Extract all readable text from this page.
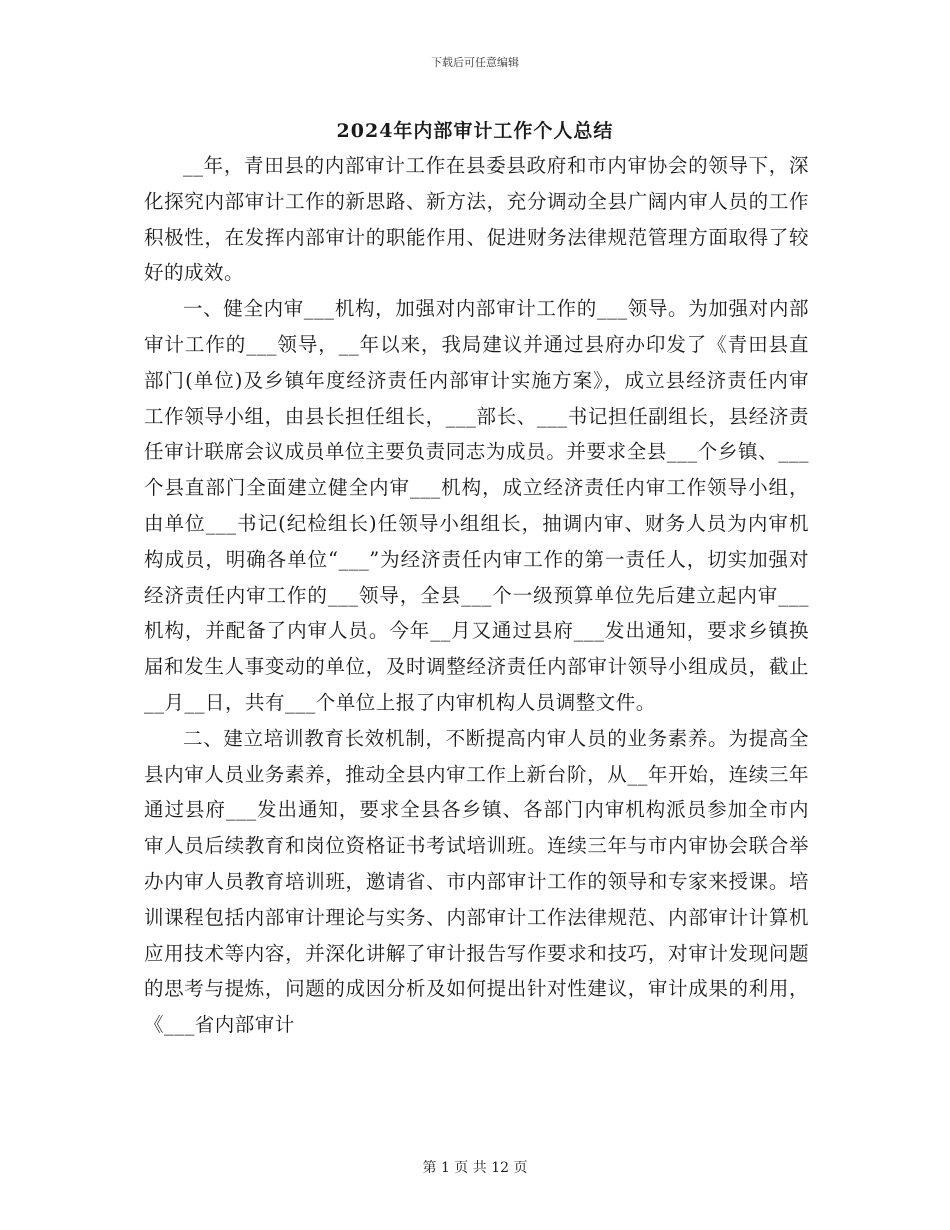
下载后可任意编辑
2024年内部审计工作个人总结

__年，青田县的内部审计工作在县委县政府和市内审协会的领导下，深化探究内部审计工作的新思路、新方法，充分调动全县广阔内审人员的工作积极性，在发挥内部审计的职能作用、促进财务法律规范管理方面取得了较好的成效。

一、健全内审___机构，加强对内部审计工作的___领导。为加强对内部审计工作的___领导，__年以来，我局建议并通过县府办印发了《青田县直部门(单位)及乡镇年度经济责任内部审计实施方案》，成立县经济责任内审工作领导小组，由县长担任组长，___部长、___书记担任副组长，县经济责任审计联席会议成员单位主要负责同志为成员。并要求全县___个乡镇、___个县直部门全面建立健全内审___机构，成立经济责任内审工作领导小组，由单位___书记(纪检组长)任领导小组组长，抽调内审、财务人员为内审机构成员，明确各单位“___”为经济责任内审工作的第一责任人，切实加强对经济责任内审工作的___领导，全县___个一级预算单位先后建立起内审___机构，并配备了内审人员。今年__月又通过县府___发出通知，要求乡镇换届和发生人事变动的单位，及时调整经济责任内部审计领导小组成员，截止__月__日，共有___个单位上报了内审机构人员调整文件。

二、建立培训教育长效机制，不断提高内审人员的业务素养。为提高全县内审人员业务素养，推动全县内审工作上新台阶，从__年开始，连续三年通过县府___发出通知，要求全县各乡镇、各部门内审机构派员参加全市内审人员后续教育和岗位资格证书考试培训班。连续三年与市内审协会联合举办内审人员教育培训班，邀请省、市内部审计工作的领导和专家来授课。培训课程包括内部审计理论与实务、内部审计工作法律规范、内部审计计算机应用技术等内容，并深化讲解了审计报告写作要求和技巧，对审计发现问题的思考与提炼，问题的成因分析及如何提出针对性建议，审计成果的利用，《___省内部审计

第 1 页 共 12 页
